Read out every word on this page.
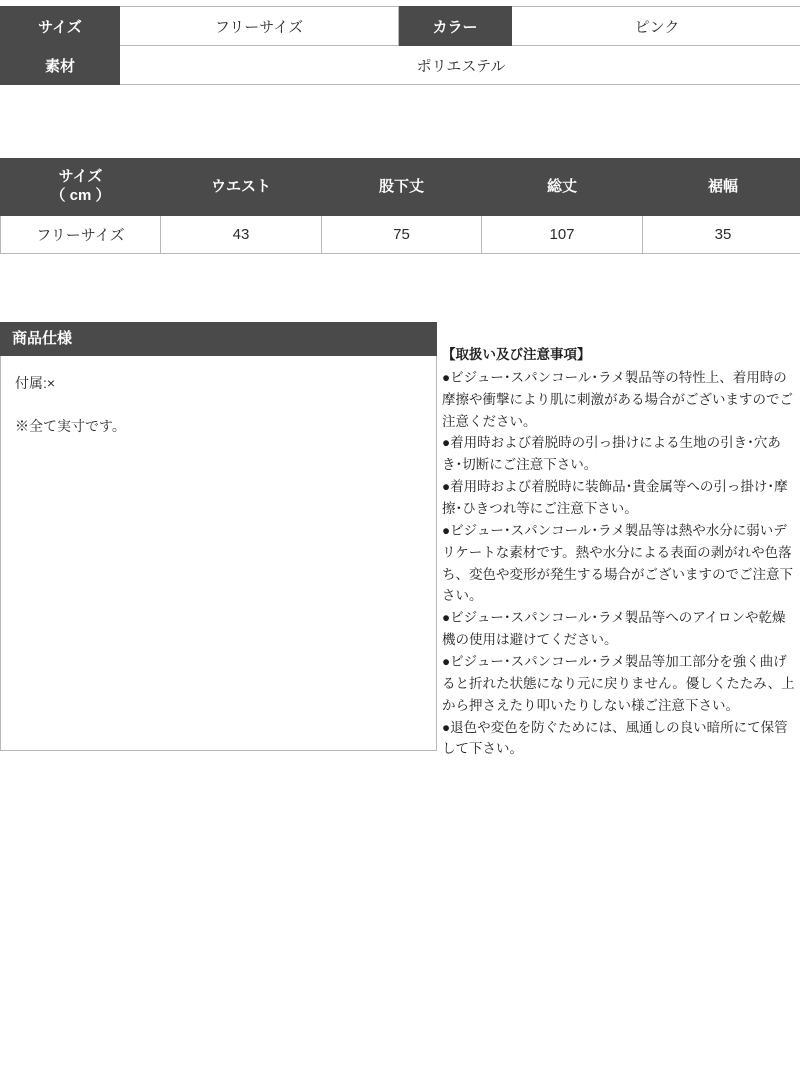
サイズ	フリーサイズ	カラー	ピンク
素材	ポリエステル		
サイズ
（ cm ）	ウエスト	股下丈	総丈	裾幅
フリーサイズ	43	75	107	35
商品仕様

付属:×

※全て実寸です。

【取扱い及び注意事項】

●ビジュー･スパンコール･ラメ製品等の特性上、着用時の摩擦や衝撃により肌に刺激がある場合がございますのでご注意ください。

●着用時および着脱時の引っ掛けによる生地の引き･穴あき･切断にご注意下さい。

●着用時および着脱時に装飾品･貴金属等への引っ掛け･摩擦･ひきつれ等にご注意下さい。

●ビジュー･スパンコール･ラメ製品等は熱や水分に弱いデリケートな素材です。熱や水分による表面の剥がれや色落ち、変色や変形が発生する場合がございますのでご注意下さい。

●ビジュー･スパンコール･ラメ製品等へのアイロンや乾燥機の使用は避けてください。

●ビジュー･スパンコール･ラメ製品等加工部分を強く曲げると折れた状態になり元に戻りません。優しくたたみ、上から押さえたり叩いたりしない様ご注意下さい。

●退色や変色を防ぐためには、風通しの良い暗所にて保管して下さい。
